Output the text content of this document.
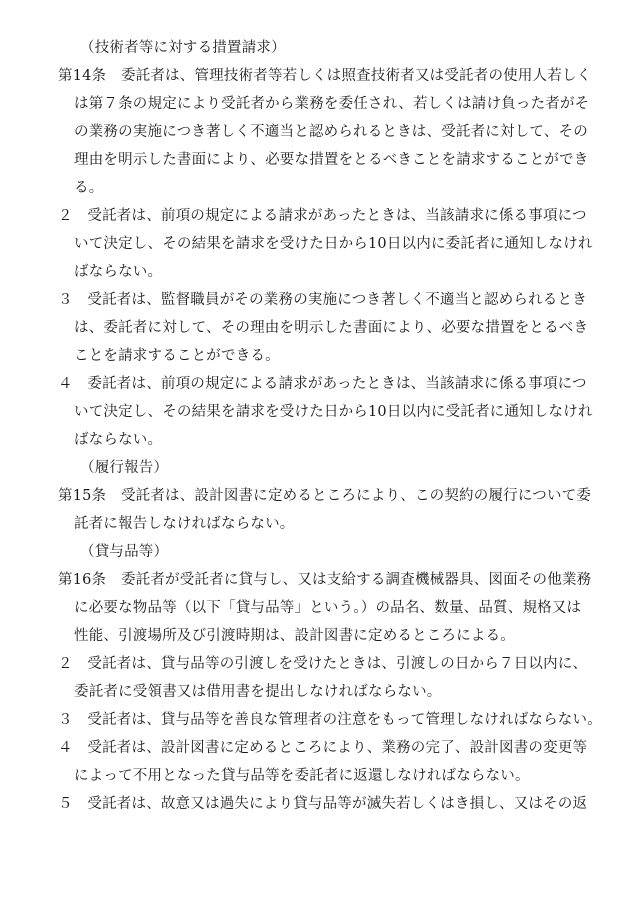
（技術者等に対する措置請求）
第14条　委託者は、管理技術者等若しくは照査技術者又は受託者の使用人若しく
は第７条の規定により受託者から業務を委任され、若しくは請け負った者がそ
の業務の実施につき著しく不適当と認められるときは、受託者に対して、その
理由を明示した書面により、必要な措置をとるべきことを請求することができ
る。
２　受託者は、前項の規定による請求があったときは、当該請求に係る事項につ
いて決定し、その結果を請求を受けた日から10日以内に委託者に通知しなけれ
ばならない。
３　受託者は、監督職員がその業務の実施につき著しく不適当と認められるとき
は、委託者に対して、その理由を明示した書面により、必要な措置をとるべき
ことを請求することができる。
４　委託者は、前項の規定による請求があったときは、当該請求に係る事項につ
いて決定し、その結果を請求を受けた日から10日以内に受託者に通知しなけれ
ばならない。
（履行報告）
第15条　受託者は、設計図書に定めるところにより、この契約の履行について委
託者に報告しなければならない。
（貸与品等）
第16条　委託者が受託者に貸与し、又は支給する調査機械器具、図面その他業務
に必要な物品等（以下「貸与品等」という。）の品名、数量、品質、規格又は
性能、引渡場所及び引渡時期は、設計図書に定めるところによる。
２　受託者は、貸与品等の引渡しを受けたときは、引渡しの日から７日以内に、
委託者に受領書又は借用書を提出しなければならない。
３　受託者は、貸与品等を善良な管理者の注意をもって管理しなければならない。
４　受託者は、設計図書に定めるところにより、業務の完了、設計図書の変更等
によって不用となった貸与品等を委託者に返還しなければならない。
５　受託者は、故意又は過失により貸与品等が滅失若しくはき損し、又はその返
